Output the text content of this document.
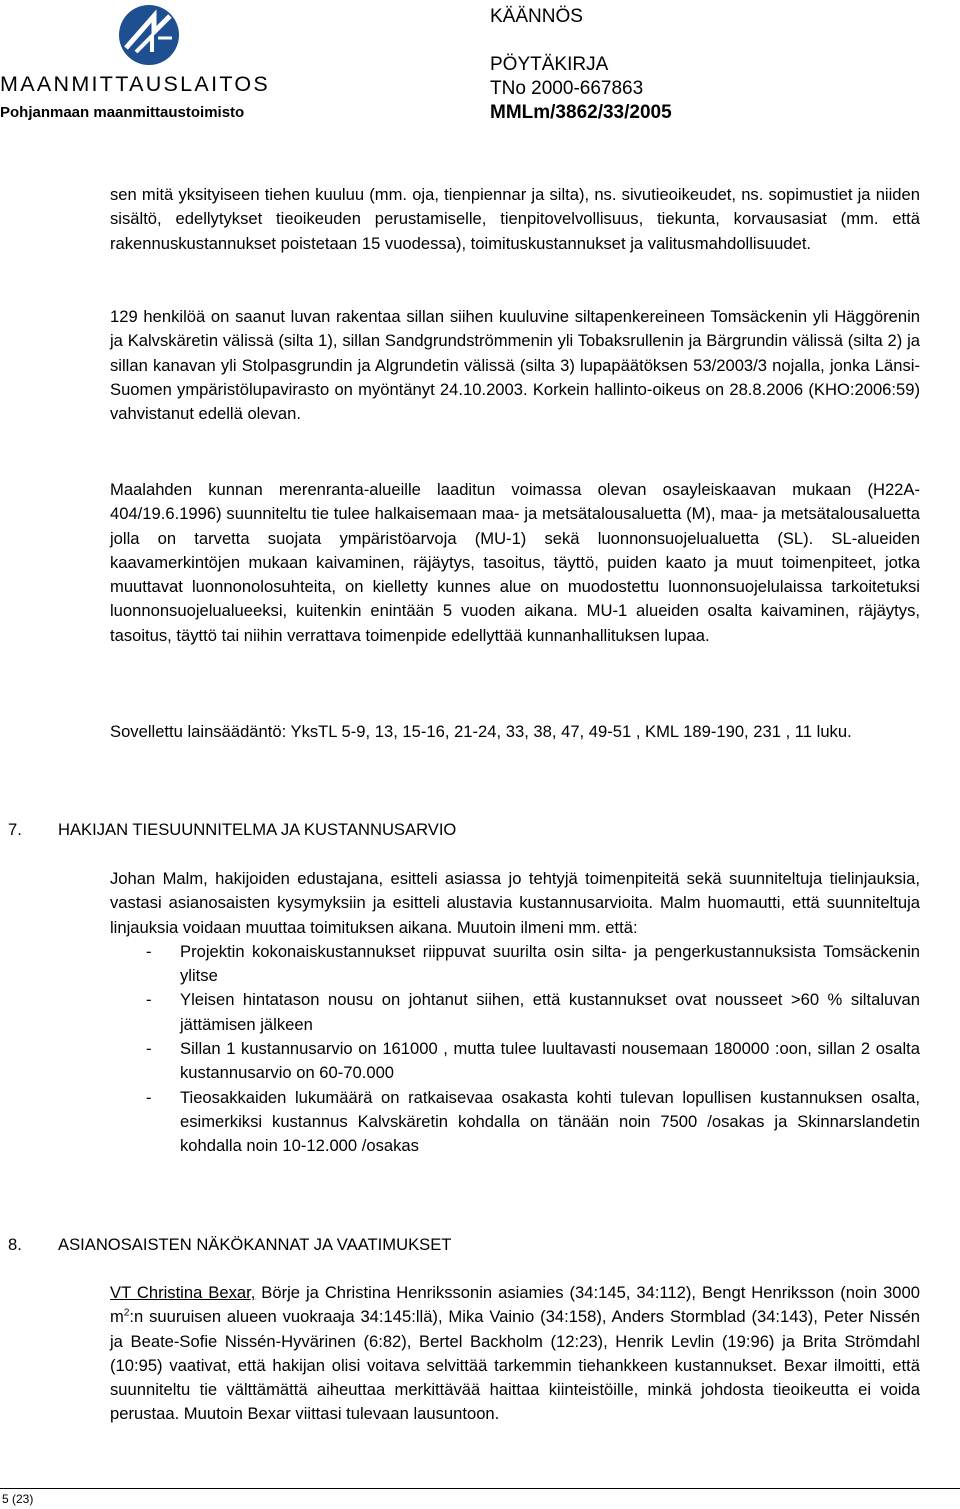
MAANMITTAUSLAITOS
Pohjanmaan maanmittaustoimisto
KÄÄNNÖS
PÖYTÄKIRJA
TNo 2000-667863
MMLm/3862/33/2005

sen mitä yksityiseen tiehen kuuluu (mm. oja, tienpiennar ja silta), ns. sivutieoikeudet, ns. sopimustiet ja niiden sisältö, edellytykset tieoikeuden perustamiselle, tienpitovelvollisuus, tiekunta, korvausasiat (mm. että rakennuskustannukset poistetaan 15 vuodessa), toimituskustannukset ja valitusmahdollisuudet.

129 henkilöä on saanut luvan rakentaa sillan siihen kuuluvine siltapenkereineen Tomsäckenin yli Häggörenin ja Kalvskäretin välissä (silta 1), sillan Sandgrundströmmenin yli Tobaksrullenin ja Bärgrundin välissä (silta 2) ja sillan kanavan yli Stolpasgrundin ja Algrundetin välissä (silta 3) lupapäätöksen 53/2003/3 nojalla, jonka Länsi-Suomen ympäristölupavirasto on myöntänyt 24.10.2003. Korkein hallinto-oikeus on 28.8.2006 (KHO:2006:59) vahvistanut edellä olevan.

Maalahden kunnan merenranta-alueille laaditun voimassa olevan osayleiskaavan mukaan (H22A-404/19.6.1996) suunniteltu tie tulee halkaisemaan maa- ja metsätalousaluetta (M), maa- ja metsätalousaluetta jolla on tarvetta suojata ympäristöarvoja (MU-1) sekä luonnonsuojelualuetta (SL). SL-alueiden kaavamerkintöjen mukaan kaivaminen, räjäytys, tasoitus, täyttö, puiden kaato ja muut toimenpiteet, jotka muuttavat luonnonolosuhteita, on kielletty kunnes alue on muodostettu luonnonsuojelulaissa tarkoitetuksi luonnonsuojelualueeksi, kuitenkin enintään 5 vuoden aikana. MU-1 alueiden osalta kaivaminen, räjäytys, tasoitus, täyttö tai niihin verrattava toimenpide edellyttää kunnanhallituksen lupaa.

Sovellettu lainsäädäntö: YksTL 5-9, 13, 15-16, 21-24, 33, 38, 47, 49-51 , KML 189-190, 231 , 11 luku.

7. HAKIJAN TIESUUNNITELMA JA KUSTANNUSARVIO

Johan Malm, hakijoiden edustajana, esitteli asiassa jo tehtyjä toimenpiteitä sekä suunniteltuja tielinjauksia, vastasi asianosaisten kysymyksiin ja esitteli alustavia kustannusarvioita. Malm huomautti, että suunniteltuja linjauksia voidaan muuttaa toimituksen aikana. Muutoin ilmeni mm. että:

- Projektin kokonaiskustannukset riippuvat suurilta osin silta- ja pengerkustannuksista Tomsäckenin ylitse
- Yleisen hintatason nousu on johtanut siihen, että kustannukset ovat nousseet >60 % siltaluvan jättämisen jälkeen
- Sillan 1 kustannusarvio on 161000 , mutta tulee luultavasti nousemaan 180000 :oon, sillan 2 osalta kustannusarvio on 60-70.000
- Tieosakkaiden lukumäärä on ratkaisevaa osakasta kohti tulevan lopullisen kustannuksen osalta, esimerkiksi kustannus Kalvskäretin kohdalla on tänään noin 7500 /osakas ja Skinnarslandetin kohdalla noin 10-12.000 /osakas
8. ASIANOSAISTEN NÄKÖKANNAT JA VAATIMUKSET

VT Christina Bexar, Börje ja Christina Henrikssonin asiamies (34:145, 34:112), Bengt Henriksson (noin 3000 $m^2:n$ suuruisen alueen vuokraaja 34:145:llä), Mika Vainio (34:158), Anders Stormblad (34:143), Peter Nissén ja Beate-Sofie Nissén-Hyvärinen (6:82), Bertel Backholm (12:23), Henrik Levlin (19:96) ja Brita Strömdahl (10:95) vaativat, että hakijan olisi voitava selvittää tarkemmin tiehankkeen kustannukset. Bexar ilmoitti, että suunniteltu tie välttämättä aiheuttaa merkittävää haittaa kiinteistöille, minkä johdosta tieoikeutta ei voida perustaa. Muutoin Bexar viittasi tulevaan lausuntoon.

5 (23)
